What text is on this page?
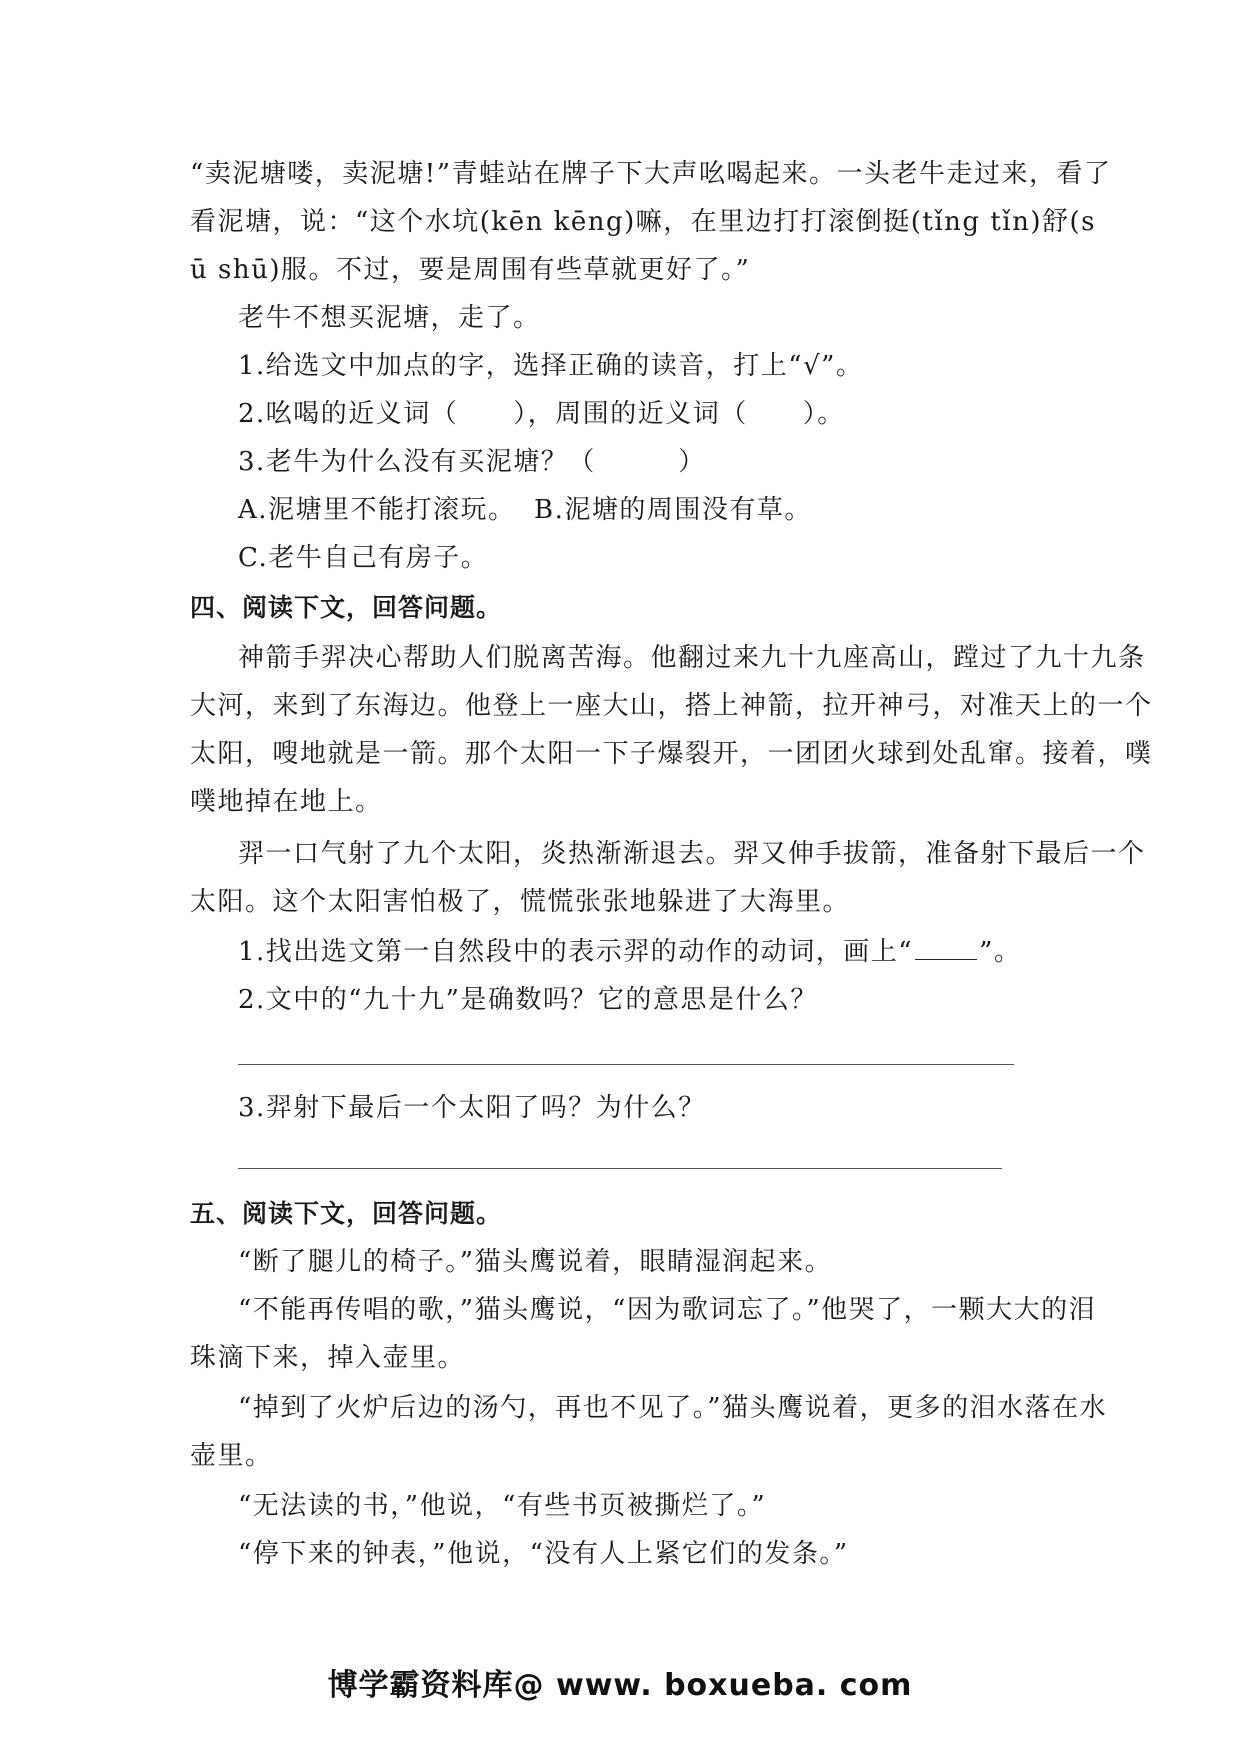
“卖泥塘喽，卖泥塘!”青蛙站在牌子下大声吆喝起来。一头老牛走过来，看了
看泥塘，说：“这个水坑(kēn kēng)嘛，在里边打打滚倒挺(tǐng tǐn)舒(s
ū shū)服。不过，要是周围有些草就更好了。”
老牛不想买泥塘，走了。
1.给选文中加点的字，选择正确的读音，打上“√”。
2.吆喝的近义词（　　），周围的近义词（　　）。
3.老牛为什么没有买泥塘？（　　　）
A.泥塘里不能打滚玩。 B.泥塘的周围没有草。
C.老牛自己有房子。
四、阅读下文，回答问题。
神箭手羿决心帮助人们脱离苦海。他翻过来九十九座高山，蹚过了九十九条
大河，来到了东海边。他登上一座大山，搭上神箭，拉开神弓，对准天上的一个
太阳，嗖地就是一箭。那个太阳一下子爆裂开，一团团火球到处乱窜。接着，噗
噗地掉在地上。
羿一口气射了九个太阳，炎热渐渐退去。羿又伸手拔箭，准备射下最后一个
太阳。这个太阳害怕极了，慌慌张张地躲进了大海里。
1.找出选文第一自然段中的表示羿的动作的动词，画上“	”。
2.文中的“九十九”是确数吗？它的意思是什么？
3.羿射下最后一个太阳了吗？为什么？
五、阅读下文，回答问题。
“断了腿儿的椅子。”猫头鹰说着，眼睛湿润起来。
“不能再传唱的歌，”猫头鹰说，“因为歌词忘了。”他哭了，一颗大大的泪
珠滴下来，掉入壶里。
“掉到了火炉后边的汤勺，再也不见了。”猫头鹰说着，更多的泪水落在水
壶里。
“无法读的书，”他说，“有些书页被撕烂了。”
“停下来的钟表，”他说，“没有人上紧它们的发条。”
博学霸资料库@ www. boxueba. com
